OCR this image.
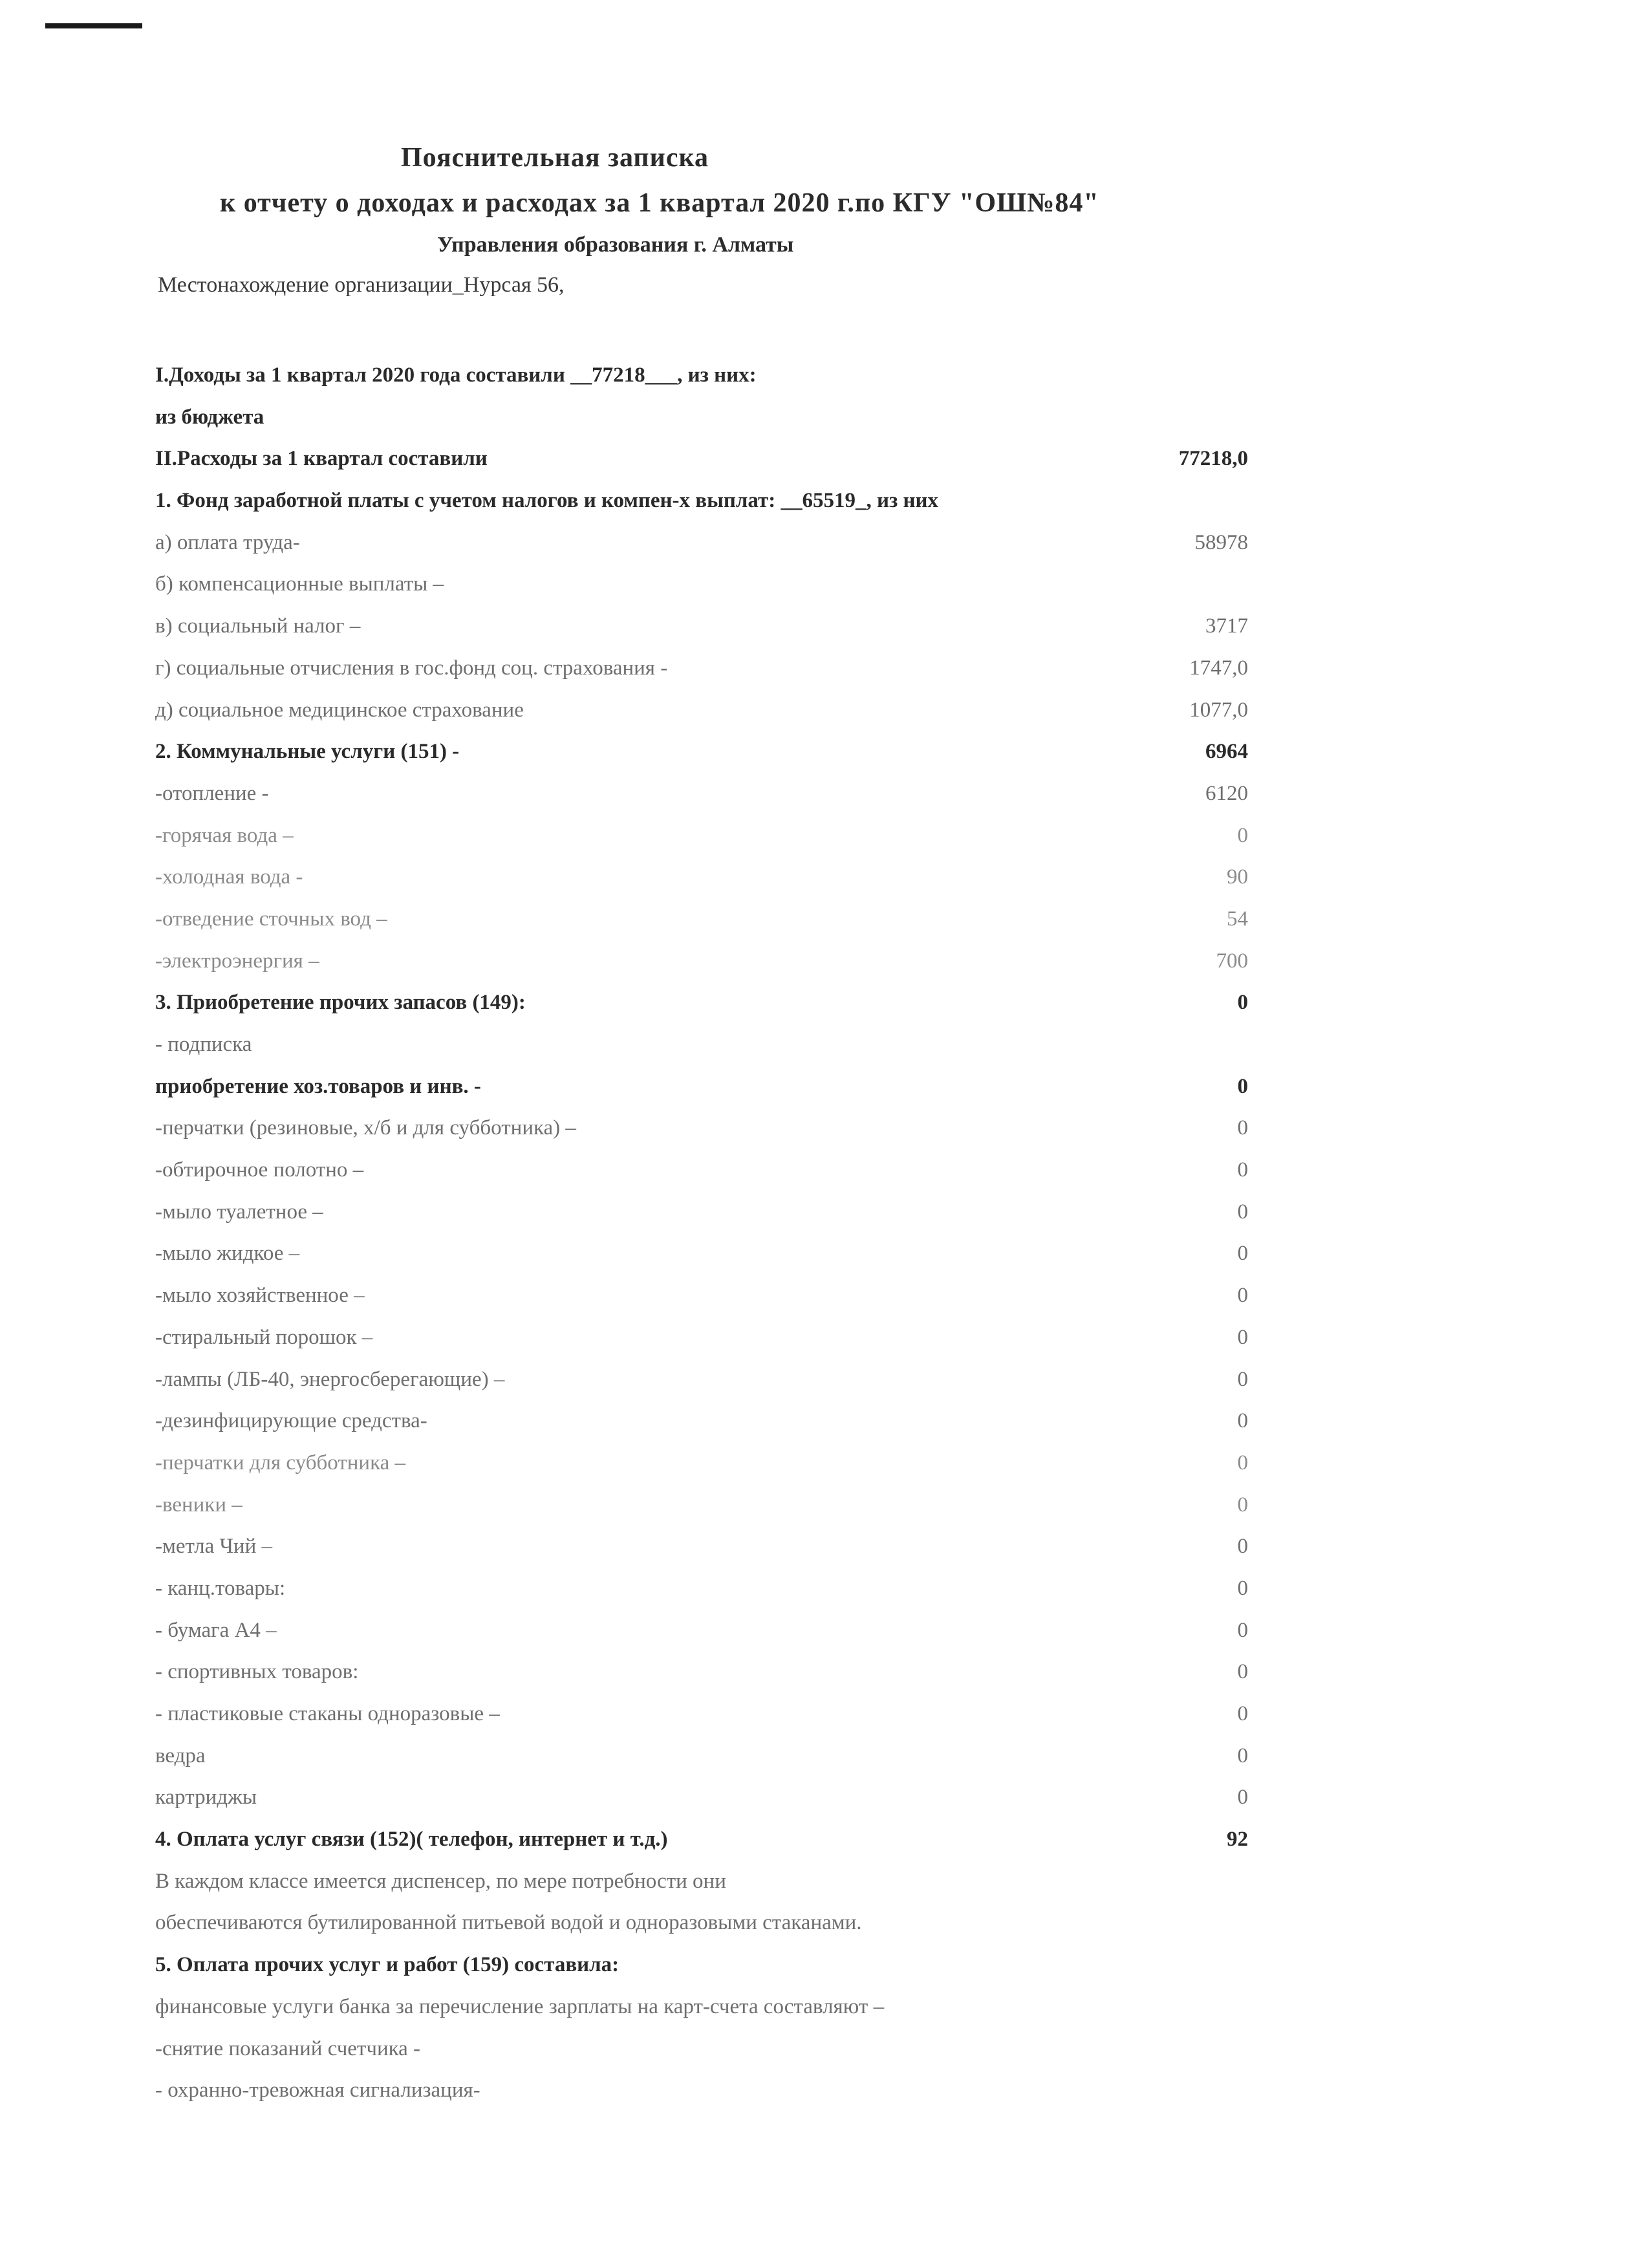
Пояснительная записка
к отчету о доходах и расходах за 1 квартал 2020 г.по КГУ "ОШ№84"
Управления образования г. Алматы
Местонахождение организации_Нурсая 56,
I.Доходы за 1 квартал 2020 года составили __77218___, из них:
из бюджета
II.Расходы за 1 квартал составили	77218,0
1. Фонд заработной платы с учетом налогов и компен-х выплат: __65519_, из них
а) оплата труда-	58978
б) компенсационные выплаты –
в) социальный налог –	3717
г) социальные отчисления в гос.фонд соц. страхования -	1747,0
д) социальное медицинское страхование	1077,0
2. Коммунальные услуги (151) -	6964
-отопление -	6120
-горячая вода –	0
-холодная вода -	90
-отведение сточных вод –	54
-электроэнергия –	700
3. Приобретение прочих запасов (149):	0
- подписка
приобретение хоз.товаров и инв. -	0
-перчатки (резиновые, х/б и для субботника) –	0
-обтирочное полотно –	0
-мыло туалетное –	0
-мыло жидкое –	0
-мыло хозяйственное –	0
-стиральный порошок –	0
-лампы (ЛБ-40, энергосберегающие) –	0
-дезинфицирующие средства-	0
-перчатки для субботника –	0
-веники –	0
-метла Чий –	0
- канц.товары:	0
- бумага А4 –	0
- спортивных товаров:	0
- пластиковые стаканы одноразовые –	0
ведра	0
картриджы	0
4. Оплата услуг связи (152)( телефон, интернет и т.д.)	92
В каждом классе имеется диспенсер, по мере потребности они
обеспечиваются бутилированной питьевой водой и одноразовыми стаканами.
5. Оплата прочих услуг и работ (159) составила:
финансовые услуги банка за перечисление зарплаты на карт-счета составляют –
-снятие показаний счетчика -
- охранно-тревожная сигнализация-
